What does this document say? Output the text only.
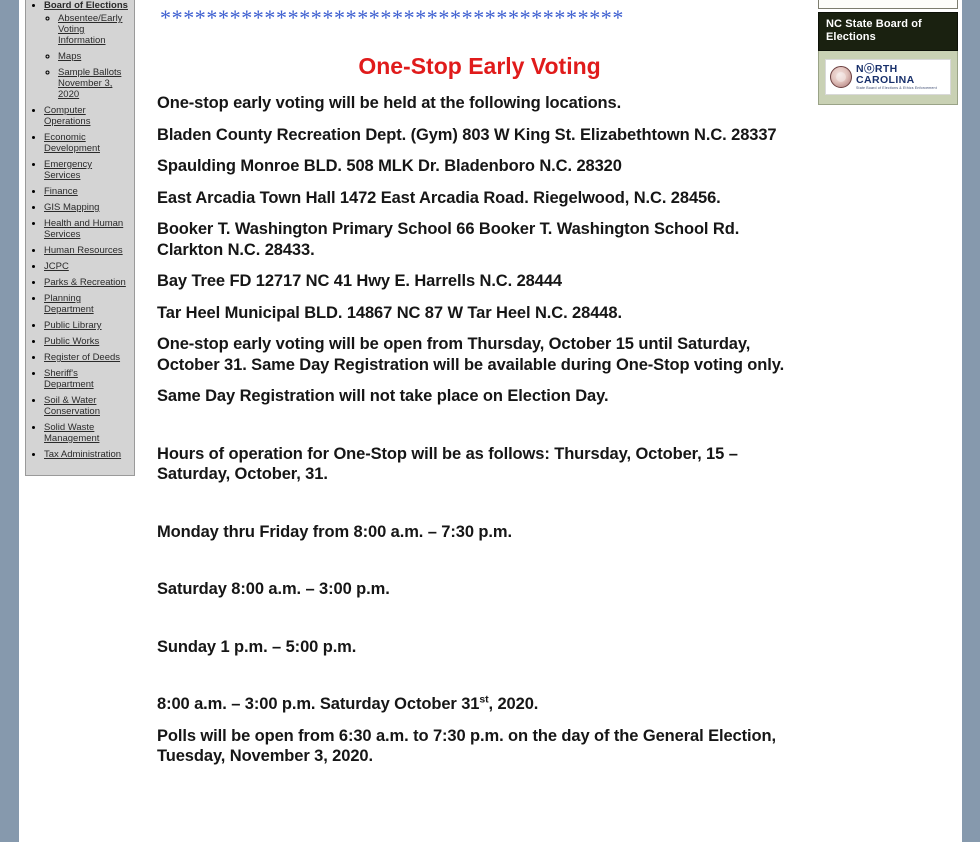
• Board of Elections
◦ Absentee/Early Voting Information
◦ Maps
◦ Sample Ballots November 3, 2020
• Computer Operations
• Economic Development
• Emergency Services
• Finance
• GIS Mapping
• Health and Human Services
• Human Resources
• JCPC
• Parks & Recreation
• Planning Department
• Public Library
• Public Works
• Register of Deeds
• Sheriff's Department
• Soil & Water Conservation
• Solid Waste Management
• Tax Administration
****************************************
One-Stop Early Voting

One-stop early voting will be held at the following locations.

Bladen County Recreation Dept. (Gym) 803 W King St. Elizabethtown N.C. 28337

Spaulding Monroe BLD. 508 MLK Dr. Bladenboro N.C. 28320

East Arcadia Town Hall 1472 East Arcadia Road. Riegelwood, N.C. 28456.

Booker T. Washington Primary School 66 Booker T. Washington School Rd. Clarkton N.C. 28433.

Bay Tree FD 12717 NC 41 Hwy E. Harrells N.C. 28444

Tar Heel Municipal BLD. 14867 NC 87 W Tar Heel N.C. 28448.

One-stop early voting will be open from Thursday, October 15 until Saturday, October 31. Same Day Registration will be available during One-Stop voting only.

Same Day Registration will not take place on Election Day.

Hours of operation for One-Stop will be as follows: Thursday, October, 15 – Saturday, October, 31.

Monday thru Friday from 8:00 a.m. – 7:30 p.m.

Saturday 8:00 a.m. – 3:00 p.m.

Sunday 1 p.m. – 5:00 p.m.

8:00 a.m. – 3:00 p.m. Saturday October 31st, 2020.

Polls will be open from 6:30 a.m. to 7:30 p.m. on the day of the General Election, Tuesday, November 3, 2020.

NC State Board of Elections
NⓞRTH CAROLINA
State Board of Elections & Ethics Enforcement
